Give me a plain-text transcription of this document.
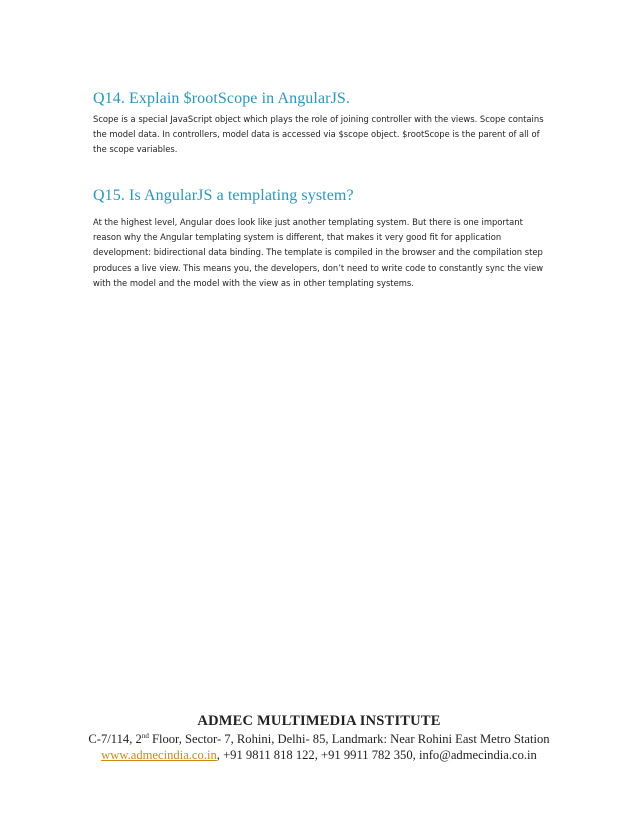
Q14. Explain $rootScope in AngularJS.

Scope is a special JavaScript object which plays the role of joining controller with the views. Scope contains the model data. In controllers, model data is accessed via $scope object. $rootScope is the parent of all of the scope variables.

Q15. Is AngularJS a templating system?

At the highest level, Angular does look like just another templating system. But there is one important reason why the Angular templating system is different, that makes it very good fit for application development: bidirectional data binding. The template is compiled in the browser and the compilation step produces a live view. This means you, the developers, don’t need to write code to constantly sync the view with the model and the model with the view as in other templating systems.

ADMEC MULTIMEDIA INSTITUTE
C-7/114, 2nd Floor, Sector- 7, Rohini, Delhi- 85, Landmark: Near Rohini East Metro Station
www.admecindia.co.in, +91 9811 818 122, +91 9911 782 350, info@admecindia.co.in
